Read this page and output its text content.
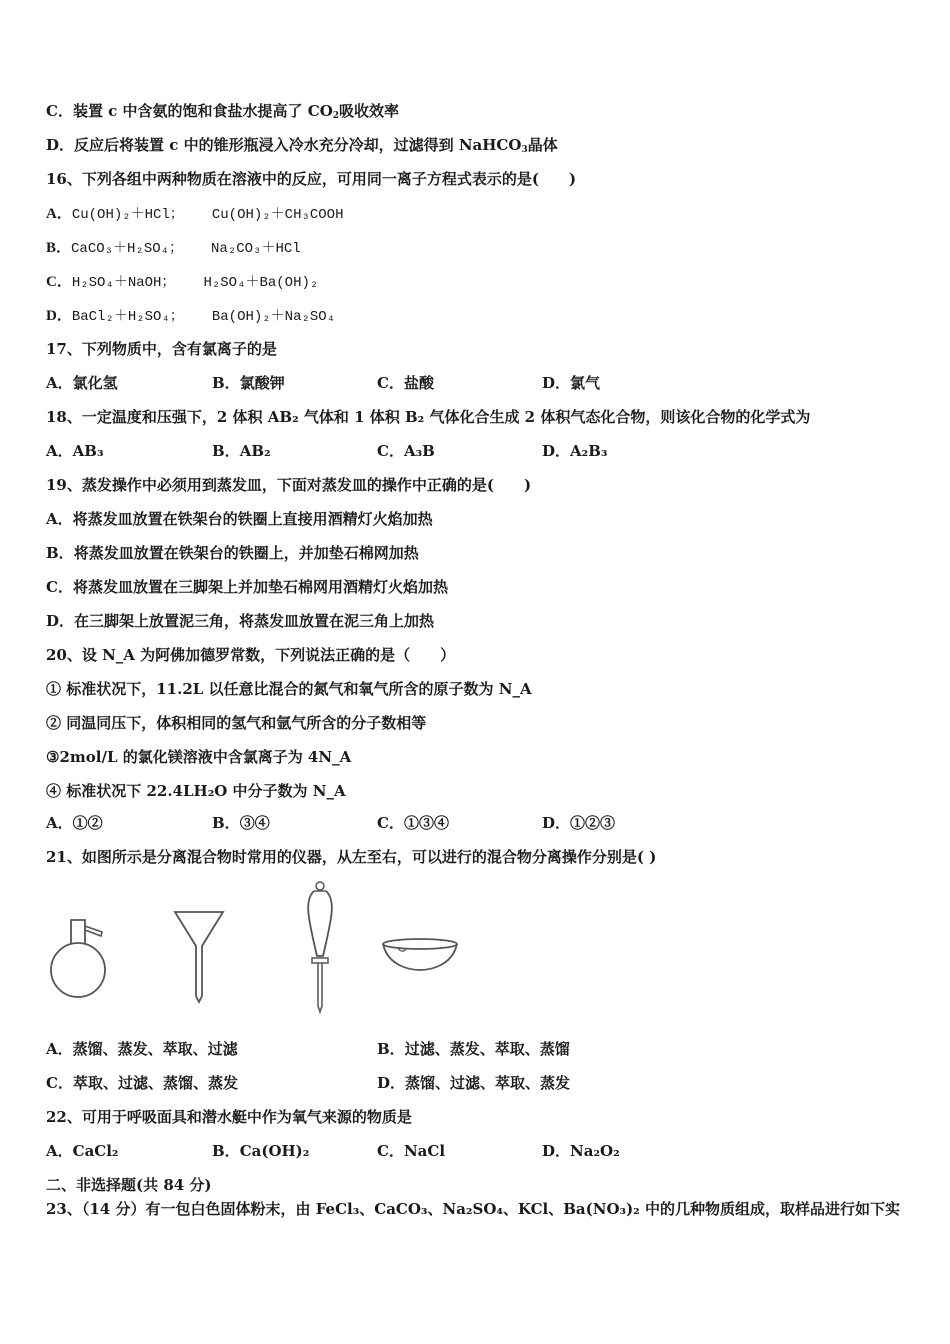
C．装置 c 中含氨的饱和食盐水提高了 $CO_2$吸收效率
D．反应后将装置 c 中的锥形瓶浸入冷水充分冷却，过滤得到 NaHCO$_3$晶体
16、下列各组中两种物质在溶液中的反应，可用同一离子方程式表示的是(　　)
A．Cu(OH)₂＋HCl； Cu(OH)₂＋CH₃COOH
B．CaCO₃＋H₂SO₄； Na₂CO₃＋HCl
C．H₂SO₄＋NaOH； H₂SO₄＋Ba(OH)₂
D．BaCl₂＋H₂SO₄； Ba(OH)₂＋Na₂SO₄
17、下列物质中，含有氯离子的是
A．氯化氢	B．氯酸钾	C．盐酸	D．氯气
18、一定温度和压强下，2 体积 AB₂ 气体和 1 体积 B₂ 气体化合生成 2 体积气态化合物，则该化合物的化学式为
A．AB₃	B．AB₂	C．A₃B	D．A₂B₃
19、蒸发操作中必须用到蒸发皿，下面对蒸发皿的操作中正确的是(　　)
A．将蒸发皿放置在铁架台的铁圈上直接用酒精灯火焰加热
B．将蒸发皿放置在铁架台的铁圈上，并加垫石棉网加热
C．将蒸发皿放置在三脚架上并加垫石棉网用酒精灯火焰加热
D．在三脚架上放置泥三角，将蒸发皿放置在泥三角上加热
20、设 N_A 为阿佛加德罗常数，下列说法正确的是（　　）
① 标准状况下，11.2L 以任意比混合的氮气和氧气所含的原子数为 N_A
② 同温同压下，体积相同的氢气和氩气所含的分子数相等
③2mol/L 的氯化镁溶液中含氯离子为 4N_A
④ 标准状况下 22.4LH₂O 中分子数为 N_A
A．①②	B．③④	C．①③④	D．①②③
21、如图所示是分离混合物时常用的仪器，从左至右，可以进行的混合物分离操作分别是( )
A．蒸馏、蒸发、萃取、过滤	B．过滤、蒸发、萃取、蒸馏
C．萃取、过滤、蒸馏、蒸发	D．蒸馏、过滤、萃取、蒸发
22、可用于呼吸面具和潜水艇中作为氧气来源的物质是
A．CaCl₂	B．Ca(OH)₂	C．NaCl	D．Na₂O₂
二、非选择题(共 84 分)
23、（14 分）有一包白色固体粉末，由 FeCl₃、CaCO₃、Na₂SO₄、KCl、Ba(NO₃)₂ 中的几种物质组成，取样品进行如下实
